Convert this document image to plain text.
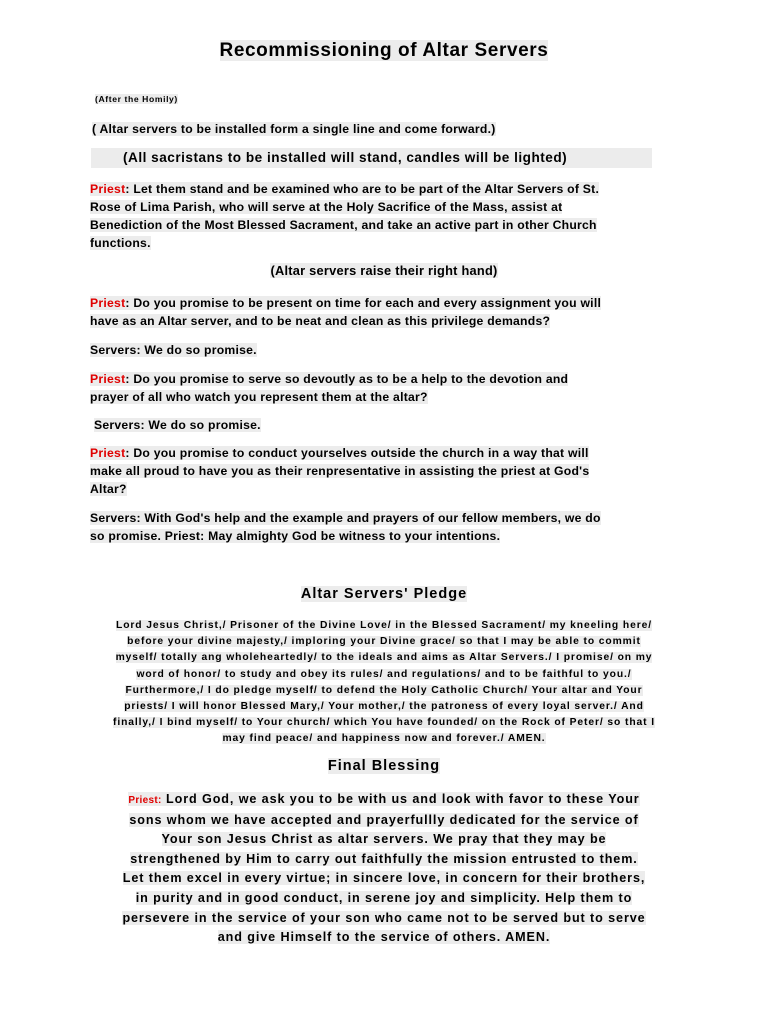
Recommissioning of Altar Servers
(After the Homily)
( Altar servers to be installed form a single line and come forward.)
(All sacristans to be installed will stand, candles will be lighted)
Priest: Let them stand and be examined who are to be part of the Altar Servers of St.
Rose of Lima Parish, who will serve at the Holy Sacrifice of the Mass, assist at
Benediction of the Most Blessed Sacrament, and take an active part in other Church
functions.
(Altar servers raise their right hand)
Priest: Do you promise to be present on time for each and every assignment you will
have as an Altar server, and to be neat and clean as this privilege demands?
Servers: We do so promise.
Priest: Do you promise to serve so devoutly as to be a help to the devotion and
prayer of all who watch you represent them at the altar?
Servers: We do so promise.
Priest: Do you promise to conduct yourselves outside the church in a way that will
make all proud to have you as their renpresentative in assisting the priest at God's
Altar?
Servers: With God's help and the example and prayers of our fellow members, we do
so promise. Priest: May almighty God be witness to your intentions.
Altar Servers' Pledge
Lord Jesus Christ,/ Prisoner of the Divine Love/ in the Blessed Sacrament/ my kneeling here/
before your divine majesty,/ imploring your Divine grace/ so that I may be able to commit
myself/ totally ang wholeheartedly/ to the ideals and aims as Altar Servers./ I promise/ on my
word of honor/ to study and obey its rules/ and regulations/ and to be faithful to you./
Furthermore,/ I do pledge myself/ to defend the Holy Catholic Church/ Your altar and Your
priests/ I will honor Blessed Mary,/ Your mother,/ the patroness of every loyal server./ And
finally,/ I bind myself/ to Your church/ which You have founded/ on the Rock of Peter/ so that I
may find peace/ and happiness now and forever./ AMEN.
Final Blessing
Priest: Lord God, we ask you to be with us and look with favor to these Your
sons whom we have accepted and prayerfullly dedicated for the service of
Your son Jesus Christ as altar servers. We pray that they may be
strengthened by Him to carry out faithfully the mission entrusted to them.
Let them excel in every virtue; in sincere love, in concern for their brothers,
in purity and in good conduct, in serene joy and simplicity. Help them to
persevere in the service of your son who came not to be served but to serve
and give Himself to the service of others. AMEN.
